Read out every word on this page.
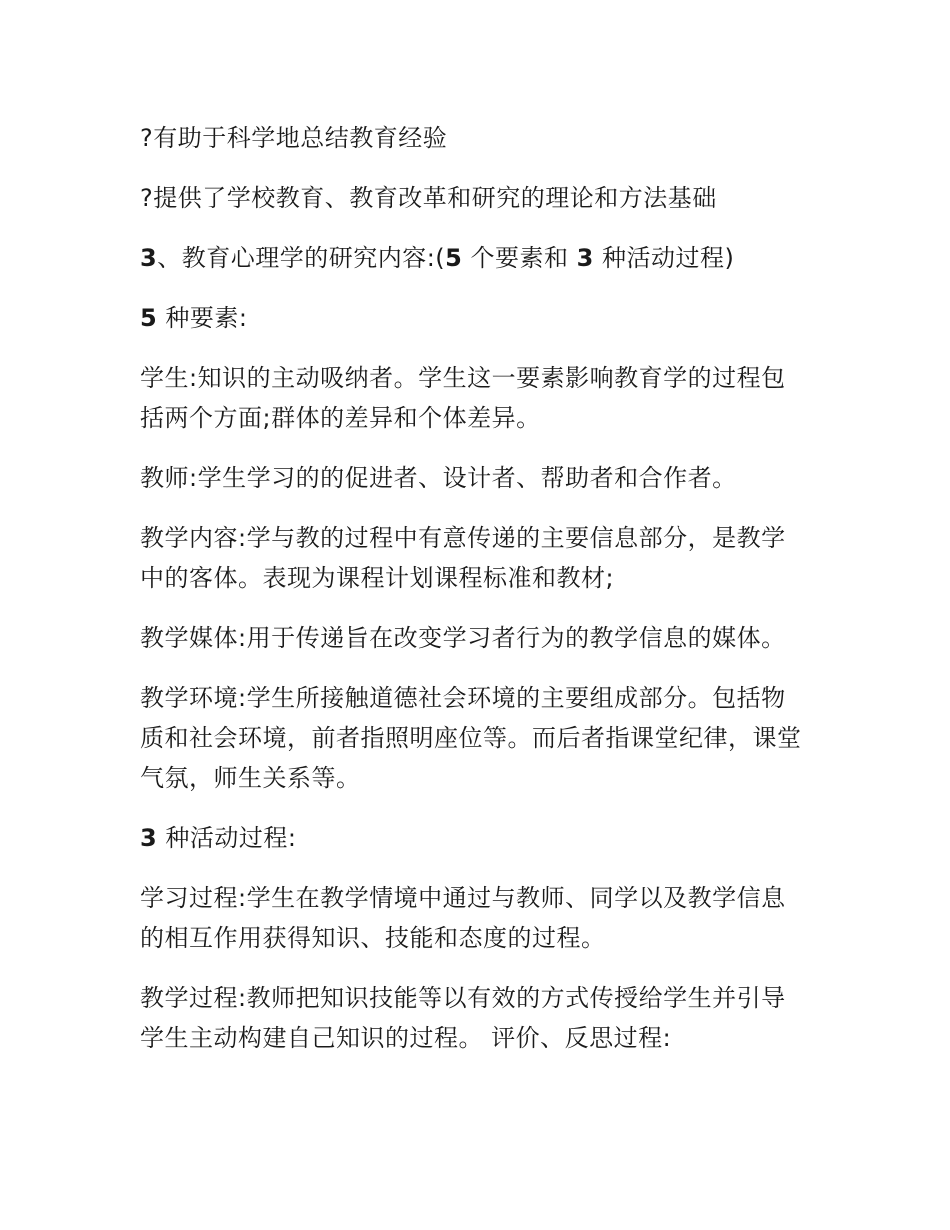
?有助于科学地总结教育经验

?提供了学校教育、教育改革和研究的理论和方法基础

3、教育心理学的研究内容:(5 个要素和 3 种活动过程)

5 种要素:

学生:知识的主动吸纳者。学生这一要素影响教育学的过程包括两个方面;群体的差异和个体差异。

教师:学生学习的的促进者、设计者、帮助者和合作者。

教学内容:学与教的过程中有意传递的主要信息部分，是教学中的客体。表现为课程计划课程标准和教材;

教学媒体:用于传递旨在改变学习者行为的教学信息的媒体。

教学环境:学生所接触道德社会环境的主要组成部分。包括物质和社会环境，前者指照明座位等。而后者指课堂纪律，课堂气氛，师生关系等。

3 种活动过程:

学习过程:学生在教学情境中通过与教师、同学以及教学信息的相互作用获得知识、技能和态度的过程。

教学过程:教师把知识技能等以有效的方式传授给学生并引导学生主动构建自己知识的过程。 评价、反思过程:
